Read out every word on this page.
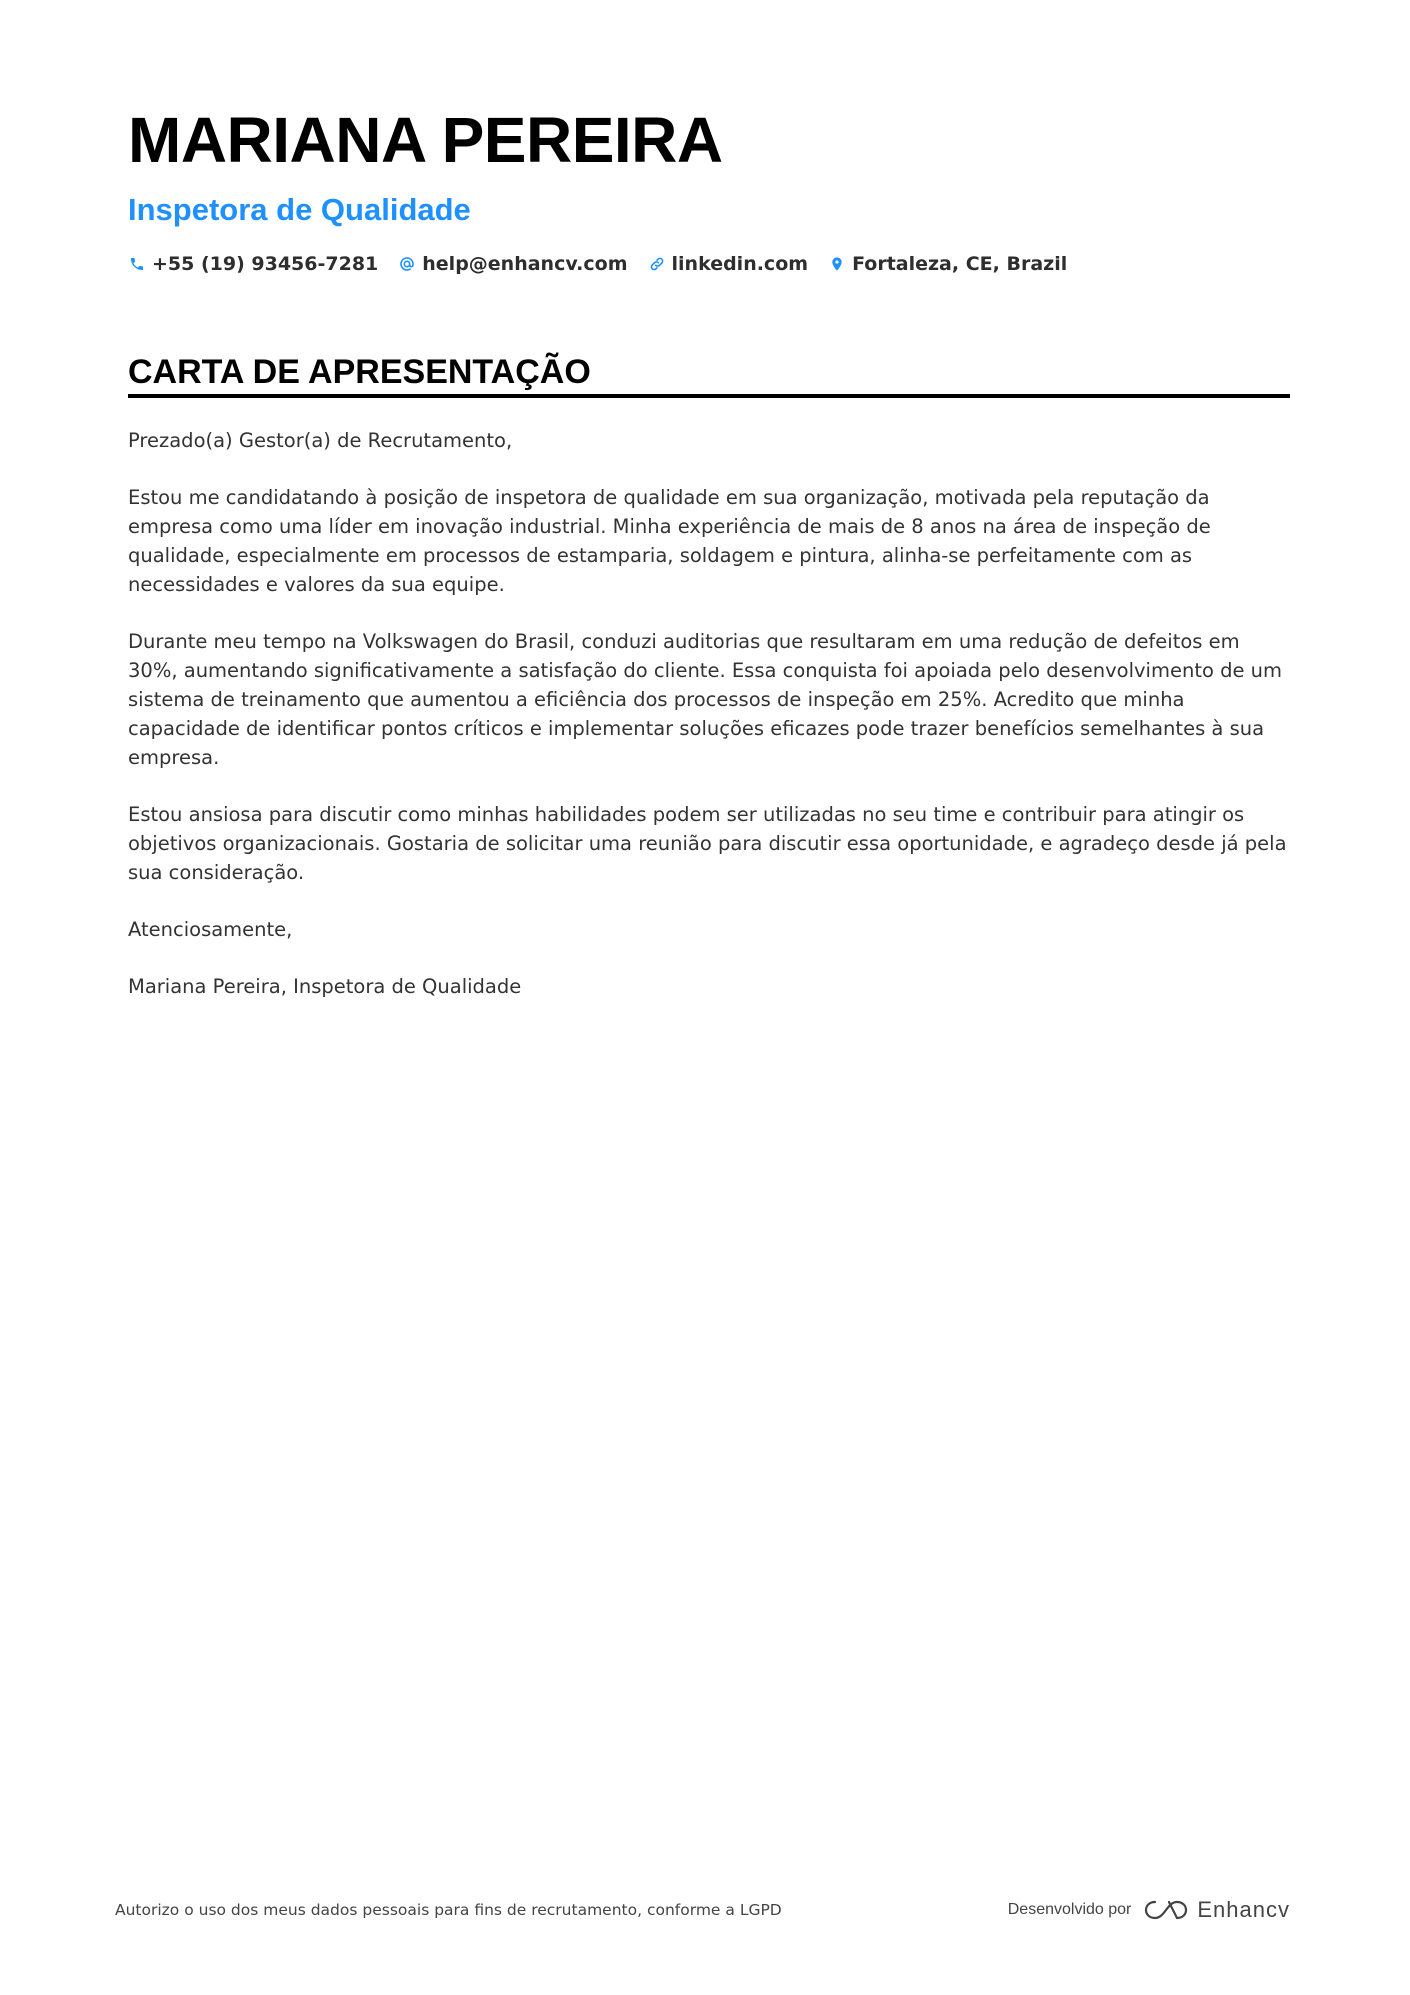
MARIANA PEREIRA
Inspetora de Qualidade
+55 (19) 93456-7281 help@enhancv.com linkedin.com Fortaleza, CE, Brazil
CARTA DE APRESENTAÇÃO

Prezado(a) Gestor(a) de Recrutamento,

Estou me candidatando à posição de inspetora de qualidade em sua organização, motivada pela reputação da empresa como uma líder em inovação industrial. Minha experiência de mais de 8 anos na área de inspeção de qualidade, especialmente em processos de estamparia, soldagem e pintura, alinha-se perfeitamente com as necessidades e valores da sua equipe.

Durante meu tempo na Volkswagen do Brasil, conduzi auditorias que resultaram em uma redução de defeitos em 30%, aumentando significativamente a satisfação do cliente. Essa conquista foi apoiada pelo desenvolvimento de um sistema de treinamento que aumentou a eficiência dos processos de inspeção em 25%. Acredito que minha capacidade de identificar pontos críticos e implementar soluções eficazes pode trazer benefícios semelhantes à sua empresa.

Estou ansiosa para discutir como minhas habilidades podem ser utilizadas no seu time e contribuir para atingir os objetivos organizacionais. Gostaria de solicitar uma reunião para discutir essa oportunidade, e agradeço desde já pela sua consideração.

Atenciosamente,

Mariana Pereira, Inspetora de Qualidade

Autorizo o uso dos meus dados pessoais para fins de recrutamento, conforme a LGPD	Desenvolvido por	Enhancv
